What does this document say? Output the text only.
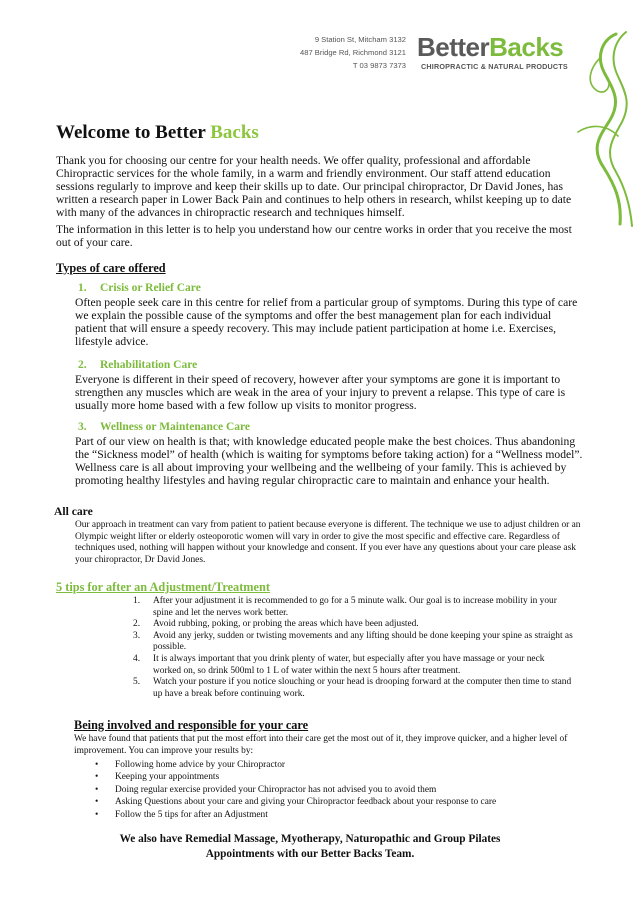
9 Station St, Mitcham 3132
487 Bridge Rd, Richmond 3121
T 03 9873 7373
BetterBacks
CHIROPRACTIC & NATURAL PRODUCTS
Welcome to Better Backs

Thank you for choosing our centre for your health needs. We offer quality, professional and affordable Chiropractic services for the whole family, in a warm and friendly environment. Our staff attend education sessions regularly to improve and keep their skills up to date. Our principal chiropractor, Dr David Jones, has written a research paper in Lower Back Pain and continues to help others in research, whilst keeping up to date with many of the advances in chiropractic research and techniques himself.

The information in this letter is to help you understand how our centre works in order that you receive the most out of your care.

Types of care offered
1. Crisis or Relief Care

Often people seek care in this centre for relief from a particular group of symptoms. During this type of care we explain the possible cause of the symptoms and offer the best management plan for each individual patient that will ensure a speedy recovery. This may include patient participation at home i.e. Exercises, lifestyle advice.

2. Rehabilitation Care

Everyone is different in their speed of recovery, however after your symptoms are gone it is important to strengthen any muscles which are weak in the area of your injury to prevent a relapse. This type of care is usually more home based with a few follow up visits to monitor progress.

3. Wellness or Maintenance Care

Part of our view on health is that; with knowledge educated people make the best choices. Thus abandoning the “Sickness model” of health (which is waiting for symptoms before taking action) for a “Wellness model”. Wellness care is all about improving your wellbeing and the wellbeing of your family. This is achieved by promoting healthy lifestyles and having regular chiropractic care to maintain and enhance your health.

All care

Our approach in treatment can vary from patient to patient because everyone is different. The technique we use to adjust children or an Olympic weight lifter or elderly osteoporotic women will vary in order to give the most specific and effective care. Regardless of techniques used, nothing will happen without your knowledge and consent. If you ever have any questions about your care please ask your chiropractor, Dr David Jones.

5 tips for after an Adjustment/Treatment
1. After your adjustment it is recommended to go for a 5 minute walk. Our goal is to increase mobility in your spine and let the nerves work better.
2. Avoid rubbing, poking, or probing the areas which have been adjusted.
3. Avoid any jerky, sudden or twisting movements and any lifting should be done keeping your spine as straight as possible.
4. It is always important that you drink plenty of water, but especially after you have massage or your neck worked on, so drink 500ml to 1 L of water within the next 5 hours after treatment.
5. Watch your posture if you notice slouching or your head is drooping forward at the computer then time to stand up have a break before continuing work.
Being involved and responsible for your care

We have found that patients that put the most effort into their care get the most out of it, they improve quicker, and a higher level of improvement. You can improve your results by:

• Following home advice by your Chiropractor
• Keeping your appointments
• Doing regular exercise provided your Chiropractor has not advised you to avoid them
• Asking Questions about your care and giving your Chiropractor feedback about your response to care
• Follow the 5 tips for after an Adjustment
We also have Remedial Massage, Myotherapy, Naturopathic and Group Pilates
Appointments with our Better Backs Team.
